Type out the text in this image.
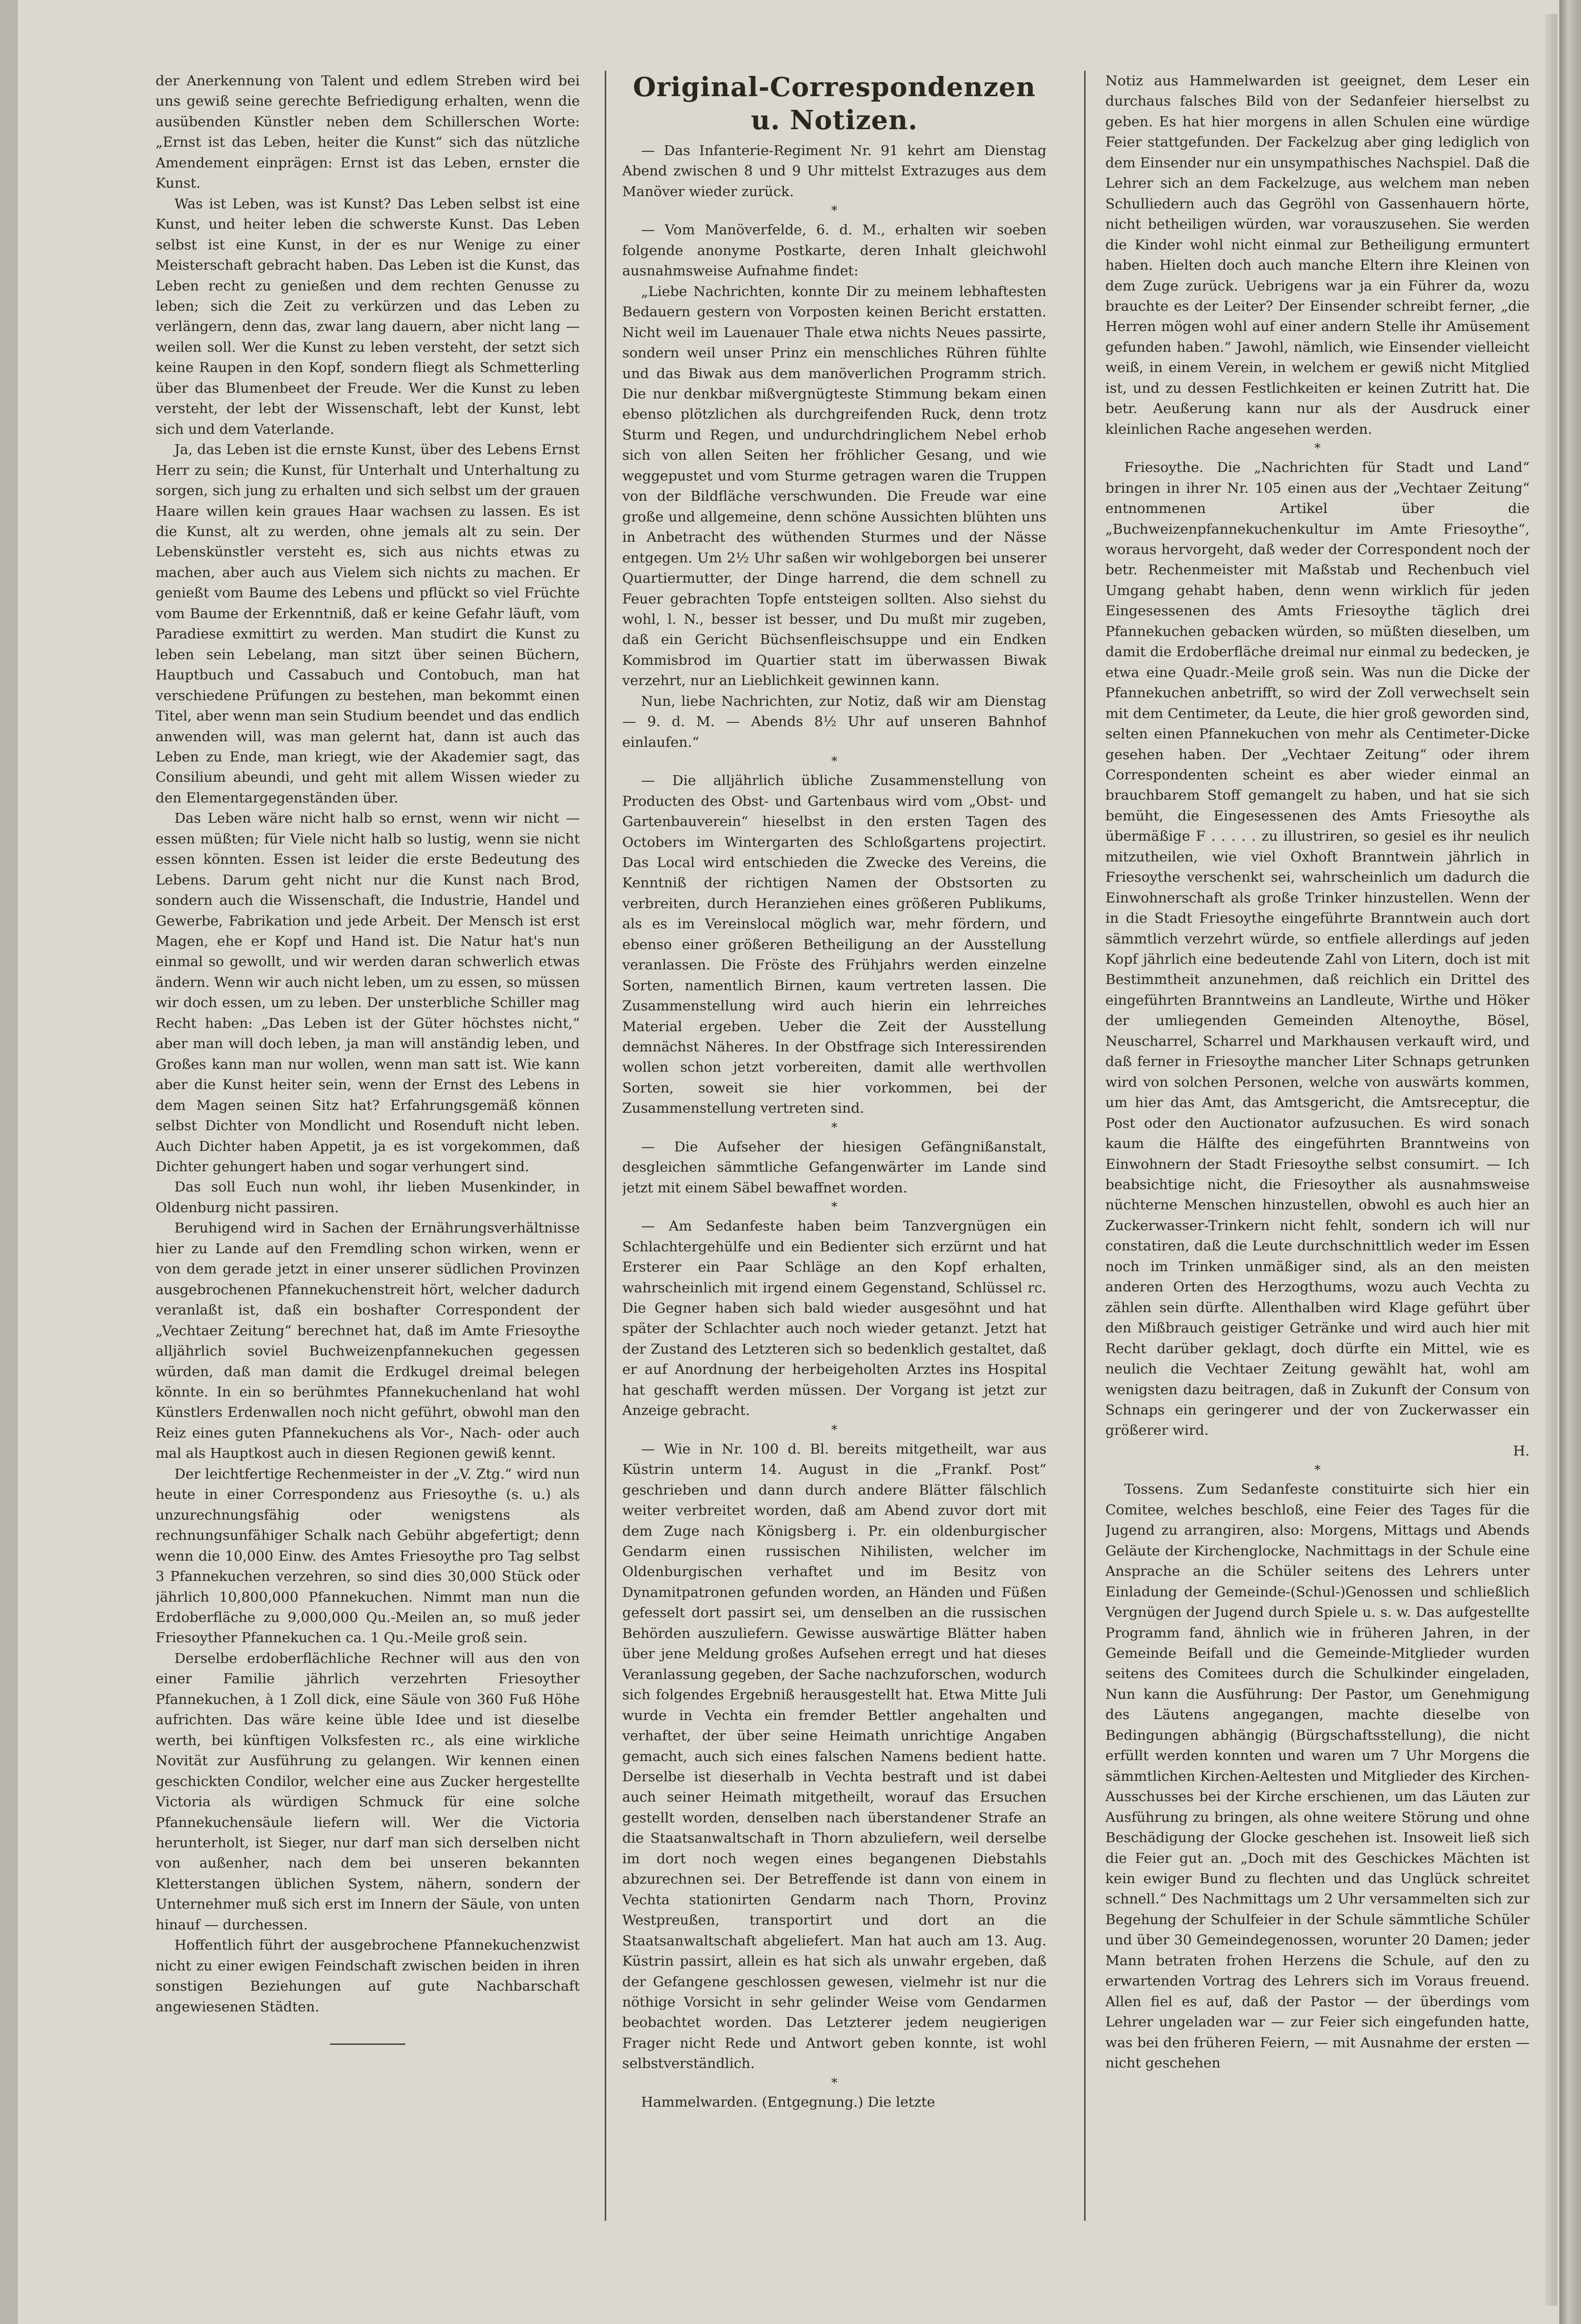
der Anerkennung von Talent und edlem Streben wird bei uns gewiß seine gerechte Befriedigung erhalten, wenn die ausübenden Künstler neben dem Schillerschen Worte: „Ernst ist das Leben, heiter die Kunst“ sich das nützliche Amendement einprägen: Ernst ist das Leben, ernster die Kunst.

Was ist Leben, was ist Kunst? Das Leben selbst ist eine Kunst, und heiter leben die schwerste Kunst. Das Leben selbst ist eine Kunst, in der es nur Wenige zu einer Meisterschaft gebracht haben. Das Leben ist die Kunst, das Leben recht zu genießen und dem rechten Genusse zu leben; sich die Zeit zu verkürzen und das Leben zu verlängern, denn das, zwar lang dauern, aber nicht lang — weilen soll. Wer die Kunst zu leben versteht, der setzt sich keine Raupen in den Kopf, sondern fliegt als Schmetterling über das Blumenbeet der Freude. Wer die Kunst zu leben versteht, der lebt der Wissenschaft, lebt der Kunst, lebt sich und dem Vaterlande.

Ja, das Leben ist die ernste Kunst, über des Lebens Ernst Herr zu sein; die Kunst, für Unterhalt und Unterhaltung zu sorgen, sich jung zu erhalten und sich selbst um der grauen Haare willen kein graues Haar wachsen zu lassen. Es ist die Kunst, alt zu werden, ohne jemals alt zu sein. Der Lebenskünstler versteht es, sich aus nichts etwas zu machen, aber auch aus Vielem sich nichts zu machen. Er genießt vom Baume des Lebens und pflückt so viel Früchte vom Baume der Erkenntniß, daß er keine Gefahr läuft, vom Paradiese exmittirt zu werden. Man studirt die Kunst zu leben sein Lebelang, man sitzt über seinen Büchern, Hauptbuch und Cassabuch und Contobuch, man hat verschiedene Prüfungen zu bestehen, man bekommt einen Titel, aber wenn man sein Studium beendet und das endlich anwenden will, was man gelernt hat, dann ist auch das Leben zu Ende, man kriegt, wie der Akademier sagt, das Consilium abeundi, und geht mit allem Wissen wieder zu den Elementargegenständen über.

Das Leben wäre nicht halb so ernst, wenn wir nicht — essen müßten; für Viele nicht halb so lustig, wenn sie nicht essen könnten. Essen ist leider die erste Bedeutung des Lebens. Darum geht nicht nur die Kunst nach Brod, sondern auch die Wissenschaft, die Industrie, Handel und Gewerbe, Fabrikation und jede Arbeit. Der Mensch ist erst Magen, ehe er Kopf und Hand ist. Die Natur hat's nun einmal so gewollt, und wir werden daran schwerlich etwas ändern. Wenn wir auch nicht leben, um zu essen, so müssen wir doch essen, um zu leben. Der unsterbliche Schiller mag Recht haben: „Das Leben ist der Güter höchstes nicht,“ aber man will doch leben, ja man will anständig leben, und Großes kann man nur wollen, wenn man satt ist. Wie kann aber die Kunst heiter sein, wenn der Ernst des Lebens in dem Magen seinen Sitz hat? Erfahrungsgemäß können selbst Dichter von Mondlicht und Rosenduft nicht leben. Auch Dichter haben Appetit, ja es ist vorgekommen, daß Dichter gehungert haben und sogar verhungert sind.

Das soll Euch nun wohl, ihr lieben Musenkinder, in Oldenburg nicht passiren.

Beruhigend wird in Sachen der Ernährungsverhältnisse hier zu Lande auf den Fremdling schon wirken, wenn er von dem gerade jetzt in einer unserer südlichen Provinzen ausgebrochenen Pfannekuchenstreit hört, welcher dadurch veranlaßt ist, daß ein boshafter Correspondent der „Vechtaer Zeitung“ berechnet hat, daß im Amte Friesoythe alljährlich soviel Buchweizenpfannekuchen gegessen würden, daß man damit die Erdkugel dreimal belegen könnte. In ein so berühmtes Pfannekuchenland hat wohl Künstlers Erdenwallen noch nicht geführt, obwohl man den Reiz eines guten Pfannekuchens als Vor-, Nach- oder auch mal als Hauptkost auch in diesen Regionen gewiß kennt.

Der leichtfertige Rechenmeister in der „V. Ztg.“ wird nun heute in einer Correspondenz aus Friesoythe (s. u.) als unzurechnungsfähig oder wenigstens als rechnungsunfähiger Schalk nach Gebühr abgefertigt; denn wenn die 10,000 Einw. des Amtes Friesoythe pro Tag selbst 3 Pfannekuchen verzehren, so sind dies 30,000 Stück oder jährlich 10,800,000 Pfannekuchen. Nimmt man nun die Erdoberfläche zu 9,000,000 Qu.-Meilen an, so muß jeder Friesoyther Pfannekuchen ca. 1 Qu.-Meile groß sein.

Derselbe erdoberflächliche Rechner will aus den von einer Familie jährlich verzehrten Friesoyther Pfannekuchen, à 1 Zoll dick, eine Säule von 360 Fuß Höhe aufrichten. Das wäre keine üble Idee und ist dieselbe werth, bei künftigen Volksfesten rc., als eine wirkliche Novität zur Ausführung zu gelangen. Wir kennen einen geschickten Condilor, welcher eine aus Zucker hergestellte Victoria als würdigen Schmuck für eine solche Pfannekuchensäule liefern will. Wer die Victoria herunterholt, ist Sieger, nur darf man sich derselben nicht von außenher, nach dem bei unseren bekannten Kletterstangen üblichen System, nähern, sondern der Unternehmer muß sich erst im Innern der Säule, von unten hinauf — durchessen.

Hoffentlich führt der ausgebrochene Pfannekuchenzwist nicht zu einer ewigen Feindschaft zwischen beiden in ihren sonstigen Beziehungen auf gute Nachbarschaft angewiesenen Städten.

Original-Correspondenzen u. Notizen.

— Das Infanterie-Regiment Nr. 91 kehrt am Dienstag Abend zwischen 8 und 9 Uhr mittelst Extrazuges aus dem Manöver wieder zurück.

*

— Vom Manöverfelde, 6. d. M., erhalten wir soeben folgende anonyme Postkarte, deren Inhalt gleichwohl ausnahmsweise Aufnahme findet:

„Liebe Nachrichten, konnte Dir zu meinem lebhaftesten Bedauern gestern von Vorposten keinen Bericht erstatten. Nicht weil im Lauenauer Thale etwa nichts Neues passirte, sondern weil unser Prinz ein menschliches Rühren fühlte und das Biwak aus dem manöverlichen Programm strich. Die nur denkbar mißvergnügteste Stimmung bekam einen ebenso plötzlichen als durchgreifenden Ruck, denn trotz Sturm und Regen, und undurchdringlichem Nebel erhob sich von allen Seiten her fröhlicher Gesang, und wie weggepustet und vom Sturme getragen waren die Truppen von der Bildfläche verschwunden. Die Freude war eine große und allgemeine, denn schöne Aussichten blühten uns in Anbetracht des wüthenden Sturmes und der Nässe entgegen. Um 2½ Uhr saßen wir wohlgeborgen bei unserer Quartiermutter, der Dinge harrend, die dem schnell zu Feuer gebrachten Topfe entsteigen sollten. Also siehst du wohl, l. N., besser ist besser, und Du mußt mir zugeben, daß ein Gericht Büchsenfleischsuppe und ein Endken Kommisbrod im Quartier statt im überwassen Biwak verzehrt, nur an Lieblichkeit gewinnen kann.

Nun, liebe Nachrichten, zur Notiz, daß wir am Dienstag — 9. d. M. — Abends 8½ Uhr auf unseren Bahnhof einlaufen.“

*

— Die alljährlich übliche Zusammenstellung von Producten des Obst- und Gartenbaus wird vom „Obst- und Gartenbauverein“ hieselbst in den ersten Tagen des Octobers im Wintergarten des Schloßgartens projectirt. Das Local wird entschieden die Zwecke des Vereins, die Kenntniß der richtigen Namen der Obstsorten zu verbreiten, durch Heranziehen eines größeren Publikums, als es im Vereinslocal möglich war, mehr fördern, und ebenso einer größeren Betheiligung an der Ausstellung veranlassen. Die Fröste des Frühjahrs werden einzelne Sorten, namentlich Birnen, kaum vertreten lassen. Die Zusammenstellung wird auch hierin ein lehrreiches Material ergeben. Ueber die Zeit der Ausstellung demnächst Näheres. In der Obstfrage sich Interessirenden wollen schon jetzt vorbereiten, damit alle werthvollen Sorten, soweit sie hier vorkommen, bei der Zusammenstellung vertreten sind.

*

— Die Aufseher der hiesigen Gefängnißanstalt, desgleichen sämmtliche Gefangenwärter im Lande sind jetzt mit einem Säbel bewaffnet worden.

*

— Am Sedanfeste haben beim Tanzvergnügen ein Schlachtergehülfe und ein Bedienter sich erzürnt und hat Ersterer ein Paar Schläge an den Kopf erhalten, wahrscheinlich mit irgend einem Gegenstand, Schlüssel rc. Die Gegner haben sich bald wieder ausgesöhnt und hat später der Schlachter auch noch wieder getanzt. Jetzt hat der Zustand des Letzteren sich so bedenklich gestaltet, daß er auf Anordnung der herbeigeholten Arztes ins Hospital hat geschafft werden müssen. Der Vorgang ist jetzt zur Anzeige gebracht.

*

— Wie in Nr. 100 d. Bl. bereits mitgetheilt, war aus Küstrin unterm 14. August in die „Frankf. Post“ geschrieben und dann durch andere Blätter fälschlich weiter verbreitet worden, daß am Abend zuvor dort mit dem Zuge nach Königsberg i. Pr. ein oldenburgischer Gendarm einen russischen Nihilisten, welcher im Oldenburgischen verhaftet und im Besitz von Dynamitpatronen gefunden worden, an Händen und Füßen gefesselt dort passirt sei, um denselben an die russischen Behörden auszuliefern. Gewisse auswärtige Blätter haben über jene Meldung großes Aufsehen erregt und hat dieses Veranlassung gegeben, der Sache nachzuforschen, wodurch sich folgendes Ergebniß herausgestellt hat. Etwa Mitte Juli wurde in Vechta ein fremder Bettler angehalten und verhaftet, der über seine Heimath unrichtige Angaben gemacht, auch sich eines falschen Namens bedient hatte. Derselbe ist dieserhalb in Vechta bestraft und ist dabei auch seiner Heimath mitgetheilt, worauf das Ersuchen gestellt worden, denselben nach überstandener Strafe an die Staatsanwaltschaft in Thorn abzuliefern, weil derselbe im dort noch wegen eines begangenen Diebstahls abzurechnen sei. Der Betreffende ist dann von einem in Vechta stationirten Gendarm nach Thorn, Provinz Westpreußen, transportirt und dort an die Staatsanwaltschaft abgeliefert. Man hat auch am 13. Aug. Küstrin passirt, allein es hat sich als unwahr ergeben, daß der Gefangene geschlossen gewesen, vielmehr ist nur die nöthige Vorsicht in sehr gelinder Weise vom Gendarmen beobachtet worden. Das Letzterer jedem neugierigen Frager nicht Rede und Antwort geben konnte, ist wohl selbstverständlich.

*

Hammelwarden. (Entgegnung.) Die letzte

Notiz aus Hammelwarden ist geeignet, dem Leser ein durchaus falsches Bild von der Sedanfeier hierselbst zu geben. Es hat hier morgens in allen Schulen eine würdige Feier stattgefunden. Der Fackelzug aber ging lediglich von dem Einsender nur ein unsympathisches Nachspiel. Daß die Lehrer sich an dem Fackelzuge, aus welchem man neben Schulliedern auch das Gegröhl von Gassenhauern hörte, nicht betheiligen würden, war vorauszusehen. Sie werden die Kinder wohl nicht einmal zur Betheiligung ermuntert haben. Hielten doch auch manche Eltern ihre Kleinen von dem Zuge zurück. Uebrigens war ja ein Führer da, wozu brauchte es der Leiter? Der Einsender schreibt ferner, „die Herren mögen wohl auf einer andern Stelle ihr Amüsement gefunden haben.“ Jawohl, nämlich, wie Einsender vielleicht weiß, in einem Verein, in welchem er gewiß nicht Mitglied ist, und zu dessen Festlichkeiten er keinen Zutritt hat. Die betr. Aeußerung kann nur als der Ausdruck einer kleinlichen Rache angesehen werden.

*

Friesoythe. Die „Nachrichten für Stadt und Land“ bringen in ihrer Nr. 105 einen aus der „Vechtaer Zeitung“ entnommenen Artikel über die „Buchweizenpfannekuchenkultur im Amte Friesoythe“, woraus hervorgeht, daß weder der Correspondent noch der betr. Rechenmeister mit Maßstab und Rechenbuch viel Umgang gehabt haben, denn wenn wirklich für jeden Eingesessenen des Amts Friesoythe täglich drei Pfannekuchen gebacken würden, so müßten dieselben, um damit die Erdoberfläche dreimal nur einmal zu bedecken, je etwa eine Quadr.-Meile groß sein. Was nun die Dicke der Pfannekuchen anbetrifft, so wird der Zoll verwechselt sein mit dem Centimeter, da Leute, die hier groß geworden sind, selten einen Pfannekuchen von mehr als Centimeter-Dicke gesehen haben. Der „Vechtaer Zeitung“ oder ihrem Correspondenten scheint es aber wieder einmal an brauchbarem Stoff gemangelt zu haben, und hat sie sich bemüht, die Eingesessenen des Amts Friesoythe als übermäßige F . . . . . zu illustriren, so gesiel es ihr neulich mitzutheilen, wie viel Oxhoft Branntwein jährlich in Friesoythe verschenkt sei, wahrscheinlich um dadurch die Einwohnerschaft als große Trinker hinzustellen. Wenn der in die Stadt Friesoythe eingeführte Branntwein auch dort sämmtlich verzehrt würde, so entfiele allerdings auf jeden Kopf jährlich eine bedeutende Zahl von Litern, doch ist mit Bestimmtheit anzunehmen, daß reichlich ein Drittel des eingeführten Branntweins an Landleute, Wirthe und Höker der umliegenden Gemeinden Altenoythe, Bösel, Neuscharrel, Scharrel und Markhausen verkauft wird, und daß ferner in Friesoythe mancher Liter Schnaps getrunken wird von solchen Personen, welche von auswärts kommen, um hier das Amt, das Amtsgericht, die Amtsreceptur, die Post oder den Auctionator aufzusuchen. Es wird sonach kaum die Hälfte des eingeführten Branntweins von Einwohnern der Stadt Friesoythe selbst consumirt. — Ich beabsichtige nicht, die Friesoyther als ausnahmsweise nüchterne Menschen hinzustellen, obwohl es auch hier an Zuckerwasser-Trinkern nicht fehlt, sondern ich will nur constatiren, daß die Leute durchschnittlich weder im Essen noch im Trinken unmäßiger sind, als an den meisten anderen Orten des Herzogthums, wozu auch Vechta zu zählen sein dürfte. Allenthalben wird Klage geführt über den Mißbrauch geistiger Getränke und wird auch hier mit Recht darüber geklagt, doch dürfte ein Mittel, wie es neulich die Vechtaer Zeitung gewählt hat, wohl am wenigsten dazu beitragen, daß in Zukunft der Consum von Schnaps ein geringerer und der von Zuckerwasser ein größerer wird.

H.
*

Tossens. Zum Sedanfeste constituirte sich hier ein Comitee, welches beschloß, eine Feier des Tages für die Jugend zu arrangiren, also: Morgens, Mittags und Abends Geläute der Kirchenglocke, Nachmittags in der Schule eine Ansprache an die Schüler seitens des Lehrers unter Einladung der Gemeinde-(Schul-)Genossen und schließlich Vergnügen der Jugend durch Spiele u. s. w. Das aufgestellte Programm fand, ähnlich wie in früheren Jahren, in der Gemeinde Beifall und die Gemeinde-Mitglieder wurden seitens des Comitees durch die Schulkinder eingeladen, Nun kann die Ausführung: Der Pastor, um Genehmigung des Läutens angegangen, machte dieselbe von Bedingungen abhängig (Bürgschaftsstellung), die nicht erfüllt werden konnten und waren um 7 Uhr Morgens die sämmtlichen Kirchen-Aeltesten und Mitglieder des Kirchen-Ausschusses bei der Kirche erschienen, um das Läuten zur Ausführung zu bringen, als ohne weitere Störung und ohne Beschädigung der Glocke geschehen ist. Insoweit ließ sich die Feier gut an. „Doch mit des Geschickes Mächten ist kein ewiger Bund zu flechten und das Unglück schreitet schnell.“ Des Nachmittags um 2 Uhr versammelten sich zur Begehung der Schulfeier in der Schule sämmtliche Schüler und über 30 Gemeindegenossen, worunter 20 Damen; jeder Mann betraten frohen Herzens die Schule, auf den zu erwartenden Vortrag des Lehrers sich im Voraus freuend. Allen fiel es auf, daß der Pastor — der überdings vom Lehrer ungeladen war — zur Feier sich eingefunden hatte, was bei den früheren Feiern, — mit Ausnahme der ersten — nicht geschehen
